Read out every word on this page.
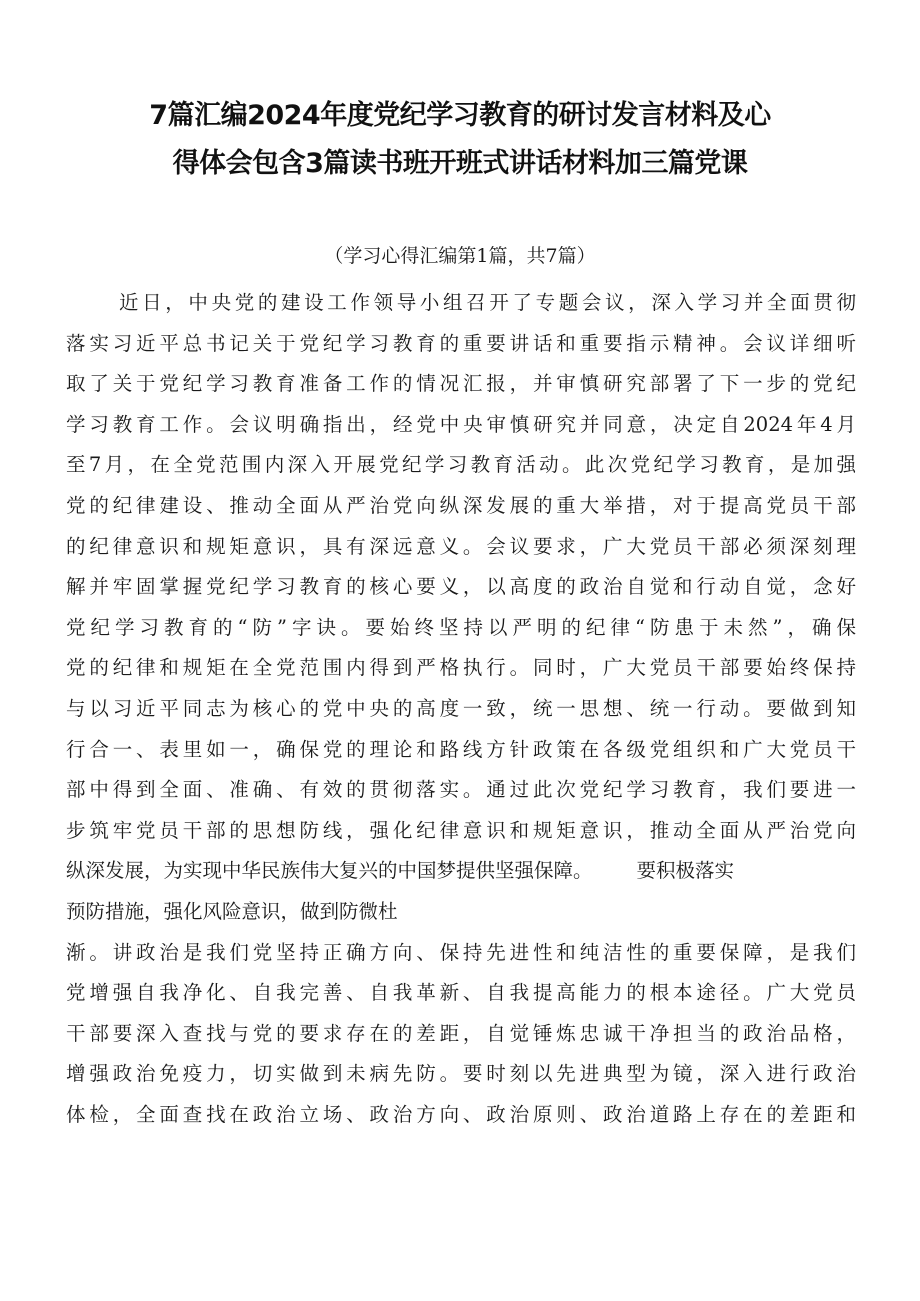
7篇汇编2024年度党纪学习教育的研讨发言材料及心
得体会包含3篇读书班开班式讲话材料加三篇党课

（学习心得汇编第1篇，共7篇）

近日，中央党的建设工作领导小组召开了专题会议，深入学习并全面贯彻
落实习近平总书记关于党纪学习教育的重要讲话和重要指示精神。会议详细听
取了关于党纪学习教育准备工作的情况汇报，并审慎研究部署了下一步的党纪
学习教育工作。会议明确指出，经党中央审慎研究并同意，决定自2024年4月
至7月，在全党范围内深入开展党纪学习教育活动。此次党纪学习教育，是加强
党的纪律建设、推动全面从严治党向纵深发展的重大举措，对于提高党员干部
的纪律意识和规矩意识，具有深远意义。会议要求，广大党员干部必须深刻理
解并牢固掌握党纪学习教育的核心要义，以高度的政治自觉和行动自觉，念好
党纪学习教育的“防”字诀。要始终坚持以严明的纪律“防患于未然”，确保
党的纪律和规矩在全党范围内得到严格执行。同时，广大党员干部要始终保持
与以习近平同志为核心的党中央的高度一致，统一思想、统一行动。要做到知
行合一、表里如一，确保党的理论和路线方针政策在各级党组织和广大党员干
部中得到全面、准确、有效的贯彻落实。通过此次党纪学习教育，我们要进一
步筑牢党员干部的思想防线，强化纪律意识和规矩意识，推动全面从严治党向
纵深发展，为实现中华民族伟大复兴的中国梦提供坚强保障。 要积极落实
预防措施，强化风险意识，做到防微杜
渐。讲政治是我们党坚持正确方向、保持先进性和纯洁性的重要保障，是我们
党增强自我净化、自我完善、自我革新、自我提高能力的根本途径。广大党员
干部要深入查找与党的要求存在的差距，自觉锤炼忠诚干净担当的政治品格，
增强政治免疫力，切实做到未病先防。要时刻以先进典型为镜，深入进行政治
体检，全面查找在政治立场、政治方向、政治原则、政治道路上存在的差距和
